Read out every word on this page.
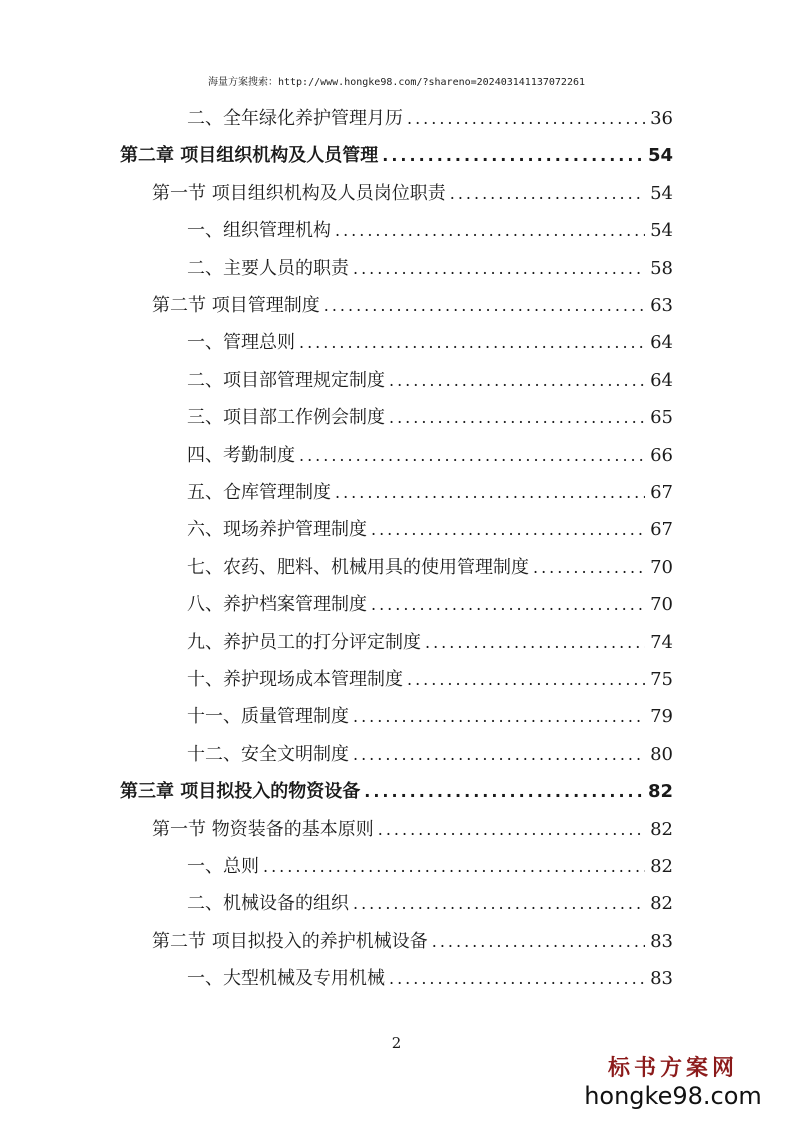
海量方案搜索：http://www.hongke98.com/?shareno=202403141137072261
二、全年绿化养护管理月历 .....	36
第二章 项目组织机构及人员管理 .....	54
第一节 项目组织机构及人员岗位职责 .....	54
一、组织管理机构 .....	54
二、主要人员的职责 .....	58
第二节 项目管理制度 .....	63
一、管理总则 .....	64
二、项目部管理规定制度 .....	64
三、项目部工作例会制度 .....	65
四、考勤制度 .....	66
五、仓库管理制度 .....	67
六、现场养护管理制度 .....	67
七、农药、肥料、机械用具的使用管理制度 .....	70
八、养护档案管理制度 .....	70
九、养护员工的打分评定制度 .....	74
十、养护现场成本管理制度 .....	75
十一、质量管理制度 .....	79
十二、安全文明制度 .....	80
第三章 项目拟投入的物资设备 .....	82
第一节 物资装备的基本原则 .....	82
一、总则 .....	82
二、机械设备的组织 .....	82
第二节 项目拟投入的养护机械设备 .....	83
一、大型机械及专用机械 .....	83
2
标书方案网
hongke98.com
